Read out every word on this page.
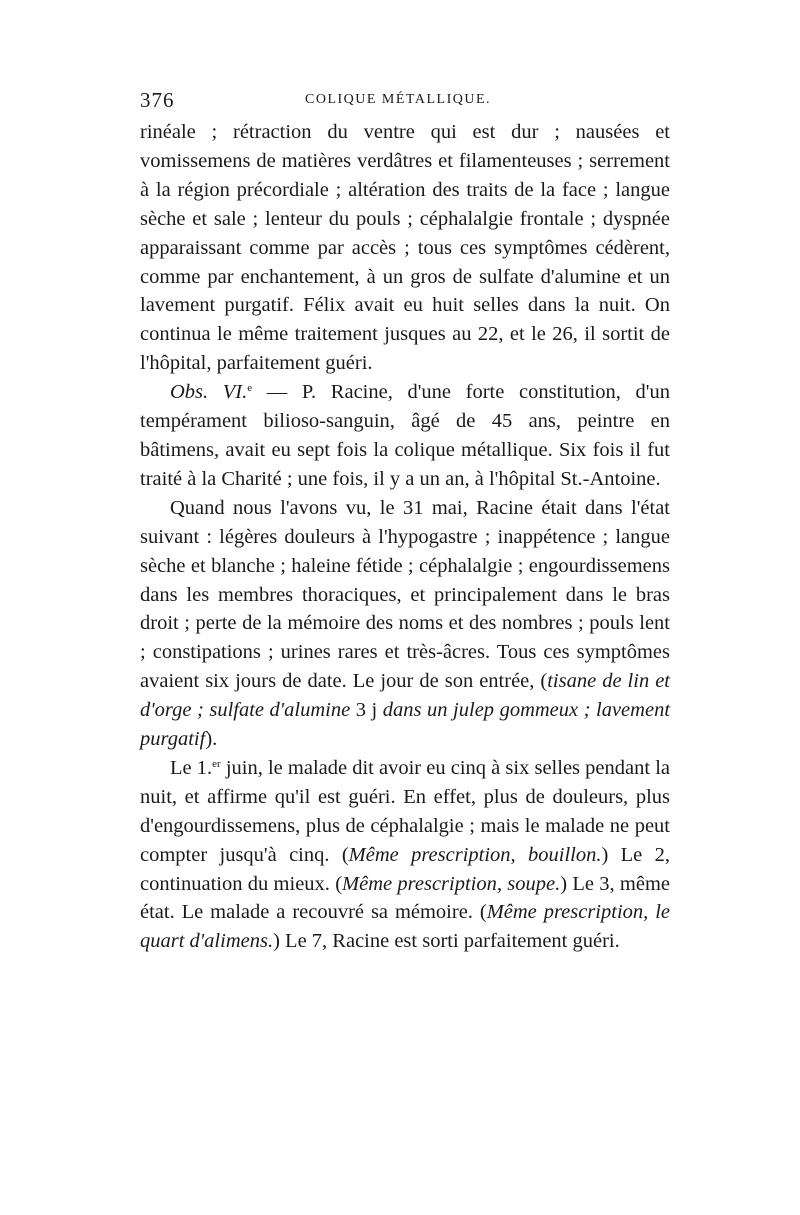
376	COLIQUE MÉTALLIQUE.

rinéale ; rétraction du ventre qui est dur ; nausées et vomissemens de matières verdâtres et filamenteuses ; serrement à la région précordiale ; altération des traits de la face ; langue sèche et sale ; lenteur du pouls ; céphalalgie frontale ; dyspnée apparaissant comme par accès ; tous ces symptômes cédèrent, comme par enchantement, à un gros de sulfate d'alumine et un lavement purgatif. Félix avait eu huit selles dans la nuit. On continua le même traitement jusques au 22, et le 26, il sortit de l'hôpital, parfaitement guéri.

Obs. VI.$^e$ — P. Racine, d'une forte constitution, d'un tempérament bilioso-sanguin, âgé de 45 ans, peintre en bâtimens, avait eu sept fois la colique métallique. Six fois il fut traité à la Charité ; une fois, il y a un an, à l'hôpital St.-Antoine.

Quand nous l'avons vu, le 31 mai, Racine était dans l'état suivant : légères douleurs à l'hypogastre ; inappétence ; langue sèche et blanche ; haleine fétide ; céphalalgie ; engourdissemens dans les membres thoraciques, et principalement dans le bras droit ; perte de la mémoire des noms et des nombres ; pouls lent ; constipations ; urines rares et très-âcres. Tous ces symptômes avaient six jours de date. Le jour de son entrée, (tisane de lin et d'orge ; sulfate d'alumine 3 j dans un julep gommeux ; lavement purgatif).

Le 1.$^{er}$ juin, le malade dit avoir eu cinq à six selles pendant la nuit, et affirme qu'il est guéri. En effet, plus de douleurs, plus d'engourdissemens, plus de céphalalgie ; mais le malade ne peut compter jusqu'à cinq. (Même prescription, bouillon.) Le 2, continuation du mieux. (Même prescription, soupe.) Le 3, même état. Le malade a recouvré sa mémoire. (Même prescription, le quart d'alimens.) Le 7, Racine est sorti parfaitement guéri.
